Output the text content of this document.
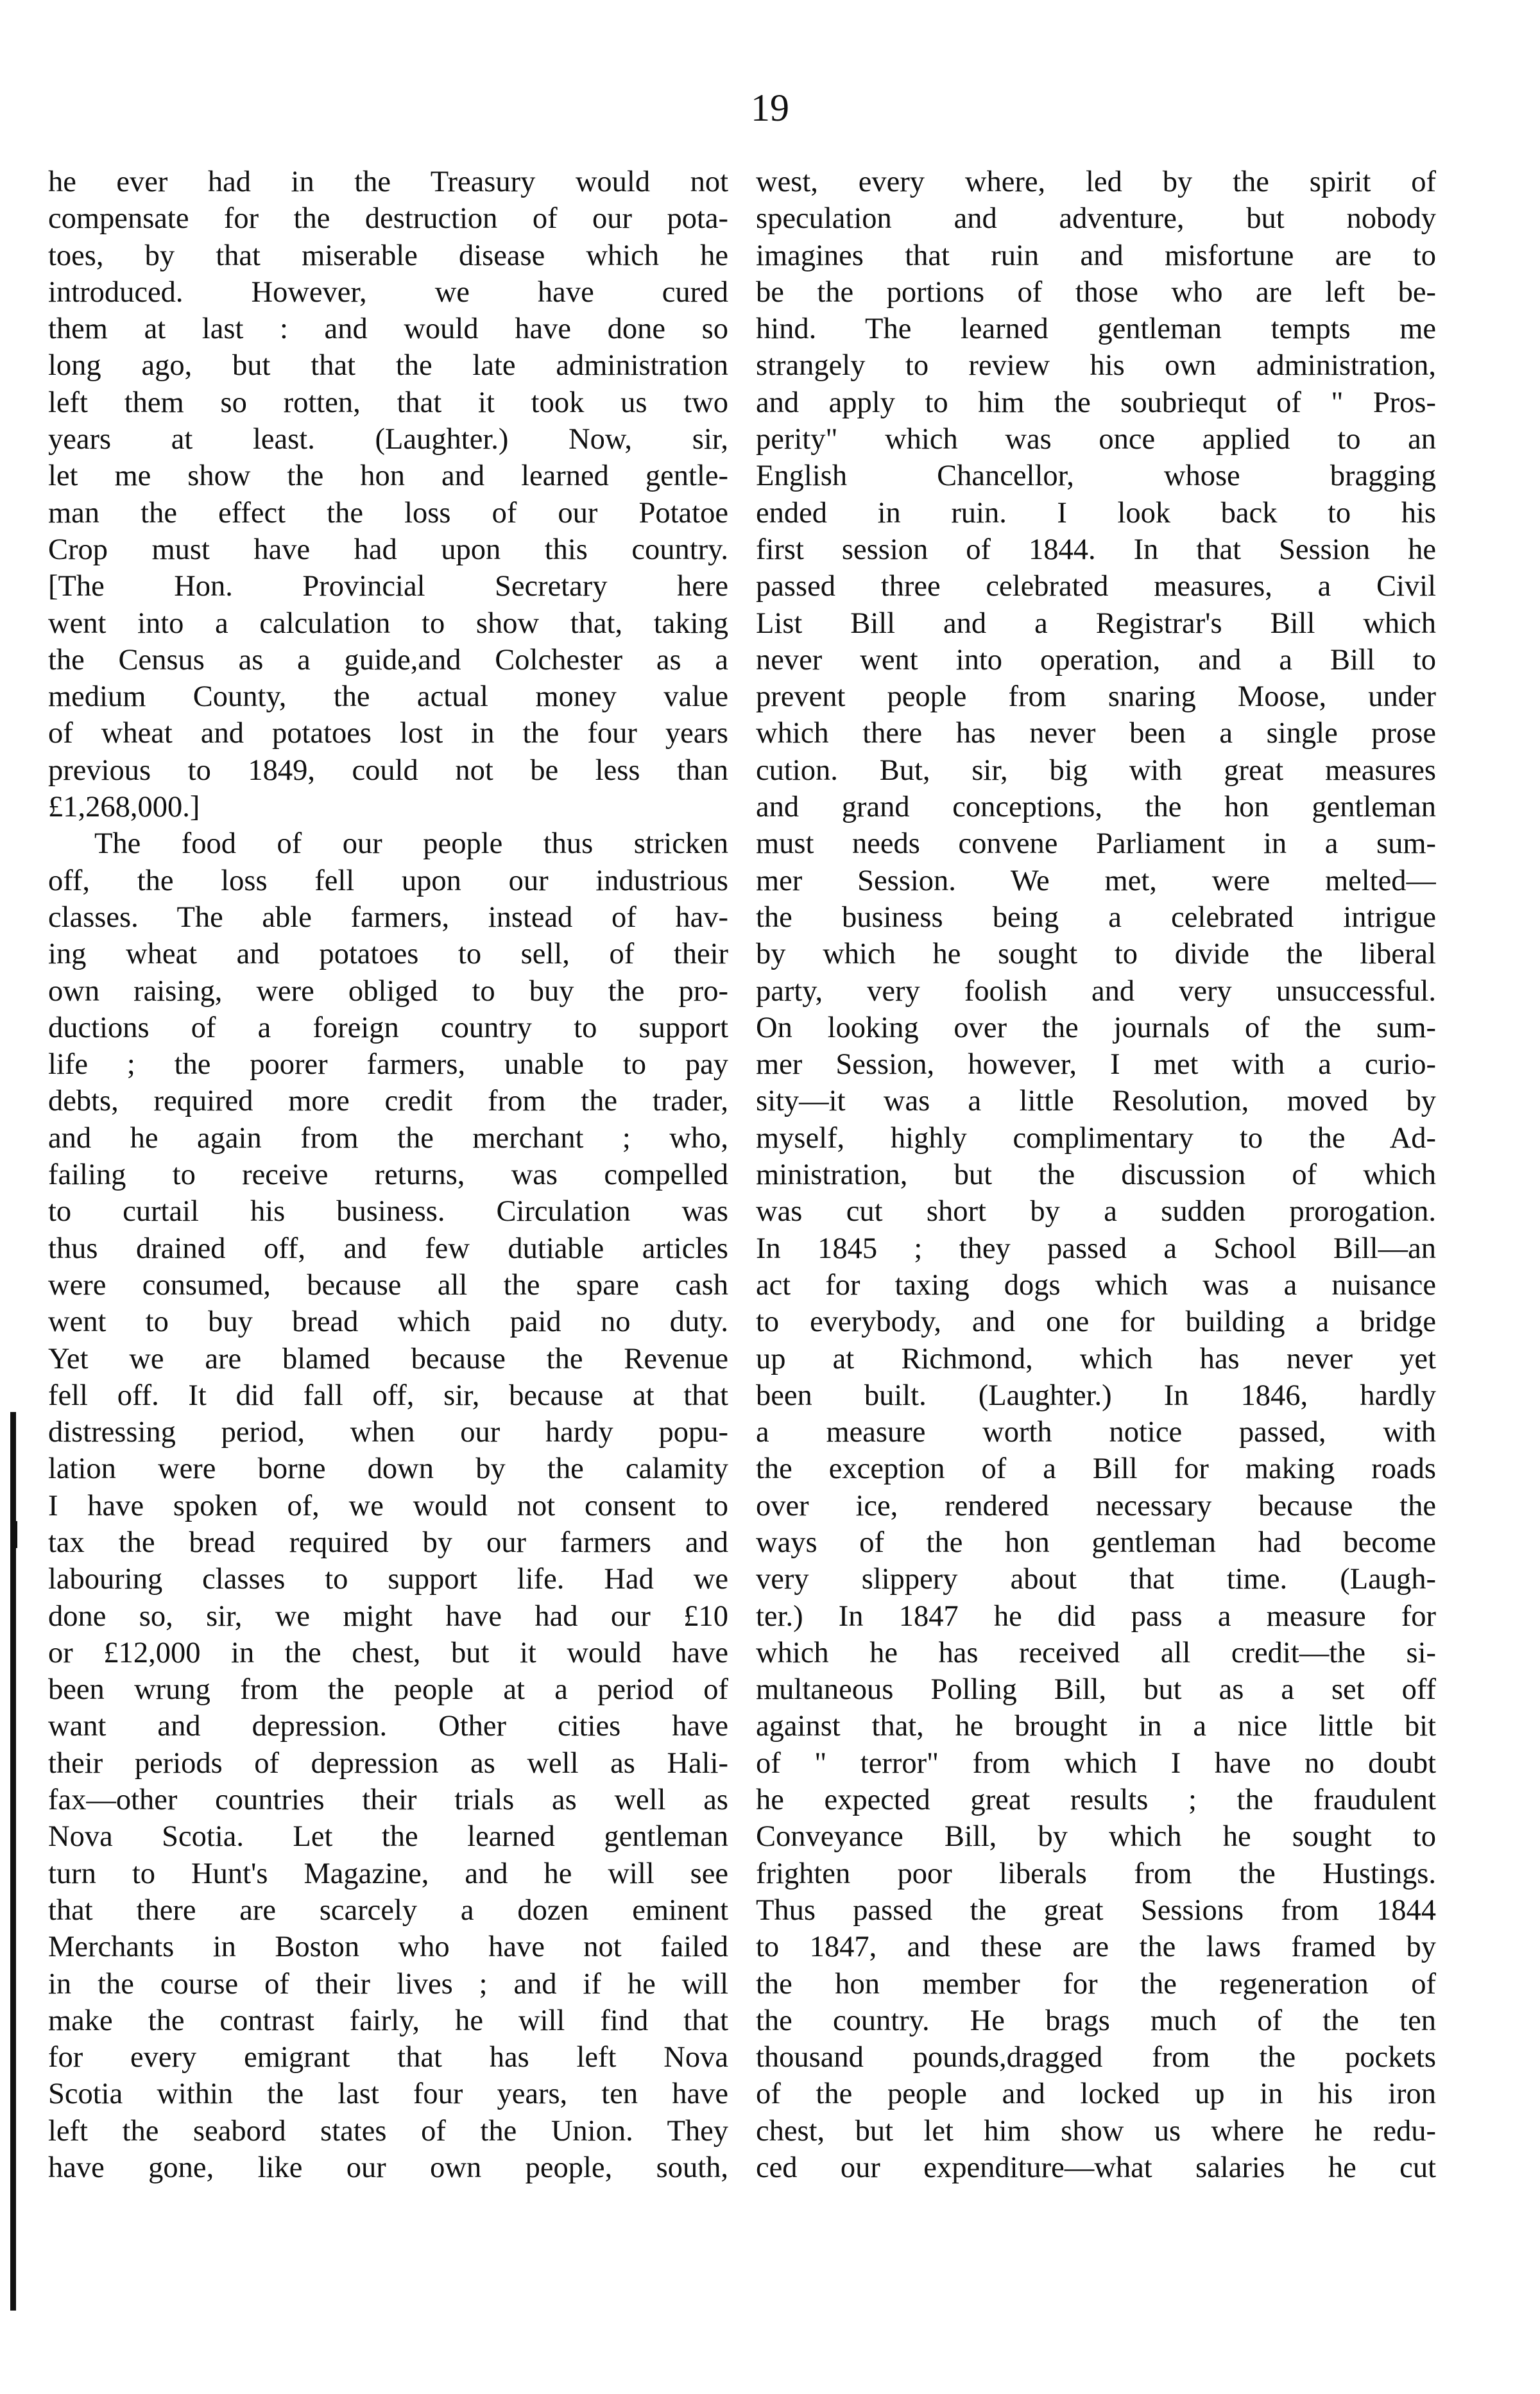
19
he ever had in the Treasury would not
compensate for the destruction of our pota-
toes, by that miserable disease which he
introduced. However, we have cured
them at last : and would have done so
long ago, but that the late administration
left them so rotten, that it took us two
years at least. (Laughter.) Now, sir,
let me show the hon and learned gentle-
man the effect the loss of our Potatoe
Crop must have had upon this country.
[The Hon. Provincial Secretary here
went into a calculation to show that, taking
the Census as a guide,and Colchester as a
medium County, the actual money value
of wheat and potatoes lost in the four years
previous to 1849, could not be less than
£1,268,000.]
The food of our people thus stricken
off, the loss fell upon our industrious
classes. The able farmers, instead of hav-
ing wheat and potatoes to sell, of their
own raising, were obliged to buy the pro-
ductions of a foreign country to support
life ; the poorer farmers, unable to pay
debts, required more credit from the trader,
and he again from the merchant ; who,
failing to receive returns, was compelled
to curtail his business. Circulation was
thus drained off, and few dutiable articles
were consumed, because all the spare cash
went to buy bread which paid no duty.
Yet we are blamed because the Revenue
fell off. It did fall off, sir, because at that
distressing period, when our hardy popu-
lation were borne down by the calamity
I have spoken of, we would not consent to
tax the bread required by our farmers and
labouring classes to support life. Had we
done so, sir, we might have had our £10
or £12,000 in the chest, but it would have
been wrung from the people at a period of
want and depression. Other cities have
their periods of depression as well as Hali-
fax—other countries their trials as well as
Nova Scotia. Let the learned gentleman
turn to Hunt's Magazine, and he will see
that there are scarcely a dozen eminent
Merchants in Boston who have not failed
in the course of their lives ; and if he will
make the contrast fairly, he will find that
for every emigrant that has left Nova
Scotia within the last four years, ten have
left the seabord states of the Union. They
have gone, like our own people, south,
west, every where, led by the spirit of
speculation and adventure, but nobody
imagines that ruin and misfortune are to
be the portions of those who are left be-
hind. The learned gentleman tempts me
strangely to review his own administration,
and apply to him the soubriequt of " Pros-
perity" which was once applied to an
English Chancellor, whose bragging
ended in ruin. I look back to his
first session of 1844. In that Session he
passed three celebrated measures, a Civil
List Bill and a Registrar's Bill which
never went into operation, and a Bill to
prevent people from snaring Moose, under
which there has never been a single prose
cution. But, sir, big with great measures
and grand conceptions, the hon gentleman
must needs convene Parliament in a sum-
mer Session. We met, were melted—
the business being a celebrated intrigue
by which he sought to divide the liberal
party, very foolish and very unsuccessful.
On looking over the journals of the sum-
mer Session, however, I met with a curio-
sity—it was a little Resolution, moved by
myself, highly complimentary to the Ad-
ministration, but the discussion of which
was cut short by a sudden prorogation.
In 1845 ; they passed a School Bill—an
act for taxing dogs which was a nuisance
to everybody, and one for building a bridge
up at Richmond, which has never yet
been built. (Laughter.) In 1846, hardly
a measure worth notice passed, with
the exception of a Bill for making roads
over ice, rendered necessary because the
ways of the hon gentleman had become
very slippery about that time. (Laugh-
ter.) In 1847 he did pass a measure for
which he has received all credit—the si-
multaneous Polling Bill, but as a set off
against that, he brought in a nice little bit
of " terror" from which I have no doubt
he expected great results ; the fraudulent
Conveyance Bill, by which he sought to
frighten poor liberals from the Hustings.
Thus passed the great Sessions from 1844
to 1847, and these are the laws framed by
the hon member for the regeneration of
the country. He brags much of the ten
thousand pounds,dragged from the pockets
of the people and locked up in his iron
chest, but let him show us where he redu-
ced our expenditure—what salaries he cut
